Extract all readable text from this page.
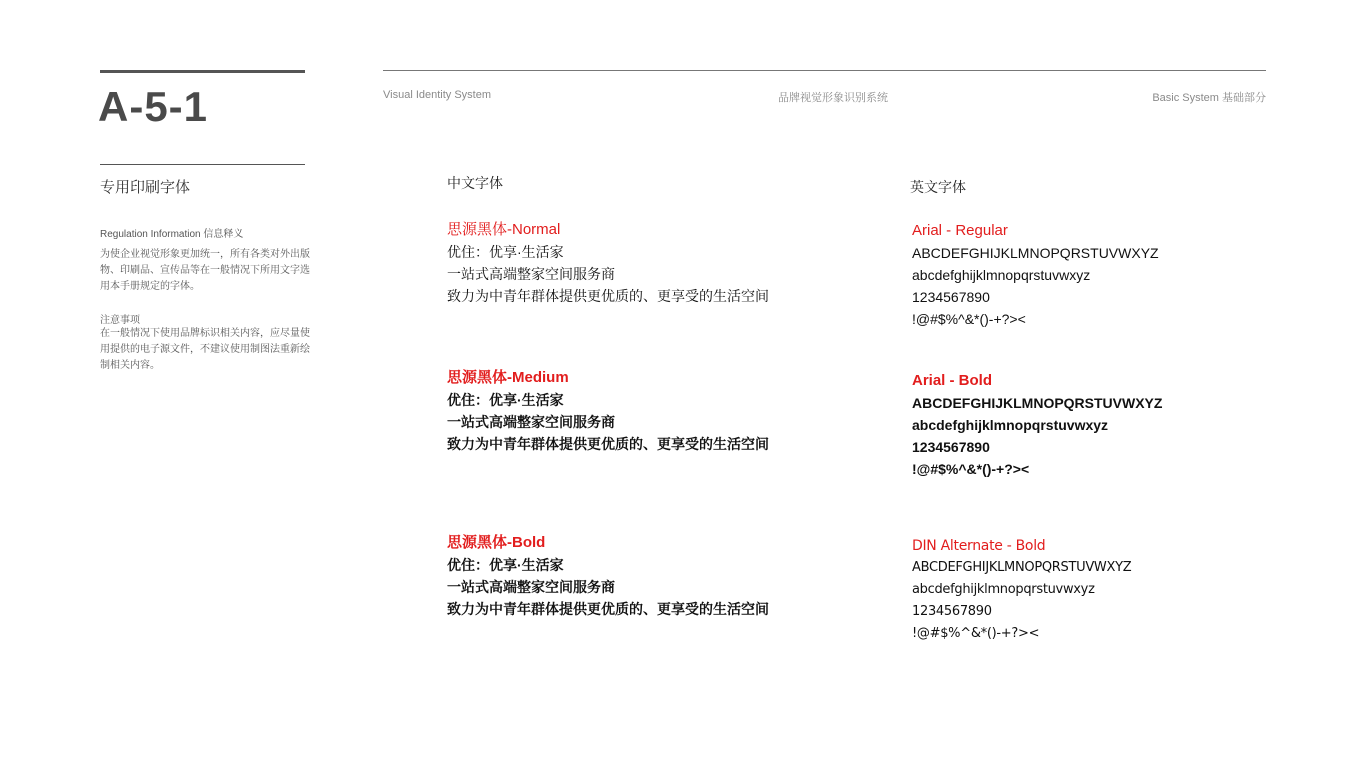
A-5-1
专用印刷字体
Regulation Information 信息释义
为使企业视觉形象更加统一，所有各类对外出版物、印刷品、宣传品等在一般情况下所用文字选用本手册规定的字体。
注意事项
在一般情况下使用品牌标识相关内容，应尽量使用提供的电子源文件，不建议使用制图法重新绘制相关内容。
Visual Identity System	品牌视觉形象识别系统	Basic System 基础部分
中文字体
思源黑体-Normal
优住：优享·生活家
一站式高端整家空间服务商
致力为中青年群体提供更优质的、更享受的生活空间
思源黑体-Medium
优住：优享·生活家
一站式高端整家空间服务商
致力为中青年群体提供更优质的、更享受的生活空间
思源黑体-Bold
优住：优享·生活家
一站式高端整家空间服务商
致力为中青年群体提供更优质的、更享受的生活空间
英文字体
Arial - Regular
ABCDEFGHIJKLMNOPQRSTUVWXYZ
abcdefghijklmnopqrstuvwxyz
1234567890
!@#$%^&*()-+?><
Arial - Bold
ABCDEFGHIJKLMNOPQRSTUVWXYZ
abcdefghijklmnopqrstuvwxyz
1234567890
!@#$%^&*()-+?><
DIN Alternate - Bold
ABCDEFGHIJKLMNOPQRSTUVWXYZ
abcdefghijklmnopqrstuvwxyz
1234567890
!@#$%^&*()-+?><
